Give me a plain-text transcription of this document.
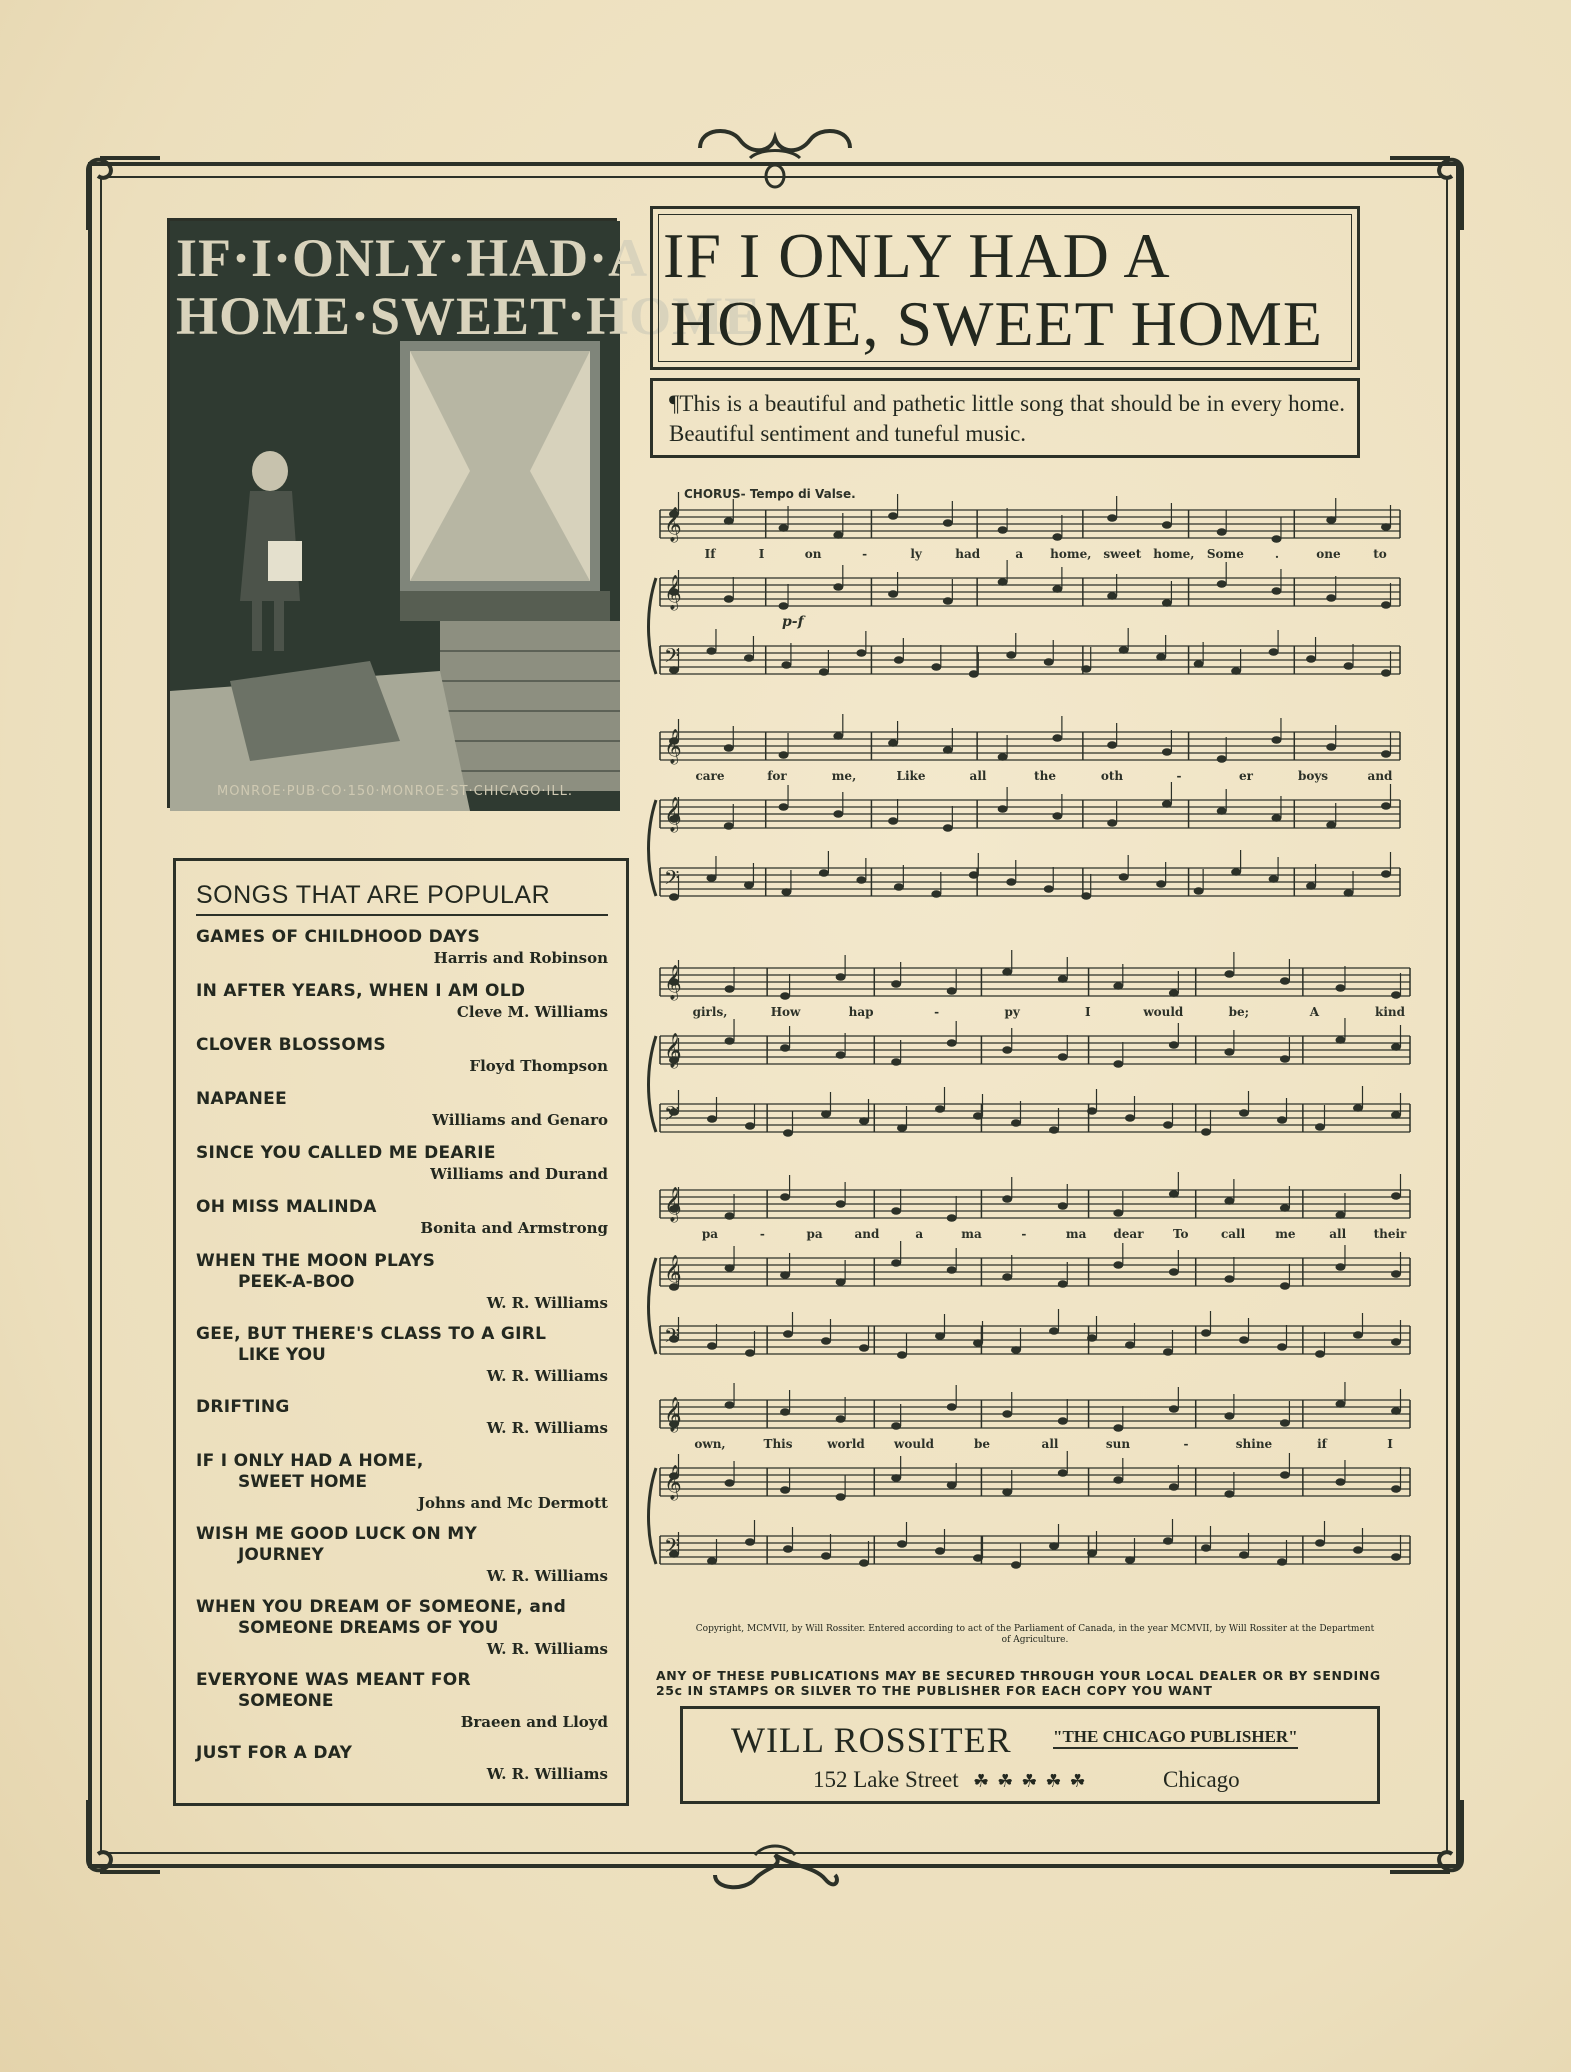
IF·I·ONLY·HAD·A HOME·SWEET·HOME
MONROE·PUB·CO·150·MONROE·ST·CHICAGO·ILL.
SONGS THAT ARE POPULAR
GAMES OF CHILDHOOD DAYS
Harris and Robinson
IN AFTER YEARS, WHEN I AM OLD
Cleve M. Williams
CLOVER BLOSSOMS
Floyd Thompson
NAPANEE
Williams and Genaro
SINCE YOU CALLED ME DEARIE
Williams and Durand
OH MISS MALINDA
Bonita and Armstrong
WHEN THE MOON PLAYS
PEEK-A-BOO
W. R. Williams
GEE, BUT THERE'S CLASS TO A GIRL
LIKE YOU
W. R. Williams
DRIFTING
W. R. Williams
IF I ONLY HAD A HOME,
SWEET HOME
Johns and Mc Dermott
WISH ME GOOD LUCK ON MY
JOURNEY
W. R. Williams
WHEN YOU DREAM OF SOMEONE, and
SOMEONE DREAMS OF YOU
W. R. Williams
EVERYONE WAS MEANT FOR
SOMEONE
Braeen and Lloyd
JUST FOR A DAY
W. R. Williams
IF I ONLY HAD A
HOME, SWEET HOME
¶This is a beautiful and pathetic little song that should be in every home. Beautiful sentiment and tuneful music.
CHORUS- Tempo di Valse.
𝄞
If	I	on	-	ly	had	a home, sweet home, Some	.	one	to
𝄞
𝄢
p-f
𝄞
care	for	me,	Like	all	the	oth	-	er	boys	and
𝄞
𝄢
𝄞
girls,	How	hap	-	py	I	would	be;	A	kind
𝄞
𝄢
𝄞
pa	-	pa	and	a	ma	-	ma dear To	call	me	all their
𝄞
𝄢
𝄞
own,	This	world would	be	all	sun	-	shine	if	I
𝄞
𝄢
Copyright, MCMVII, by Will Rossiter. Entered according to act of the Parliament of Canada, in the year MCMVII, by Will Rossiter at the Department of Agriculture.
ANY OF THESE PUBLICATIONS MAY BE SECURED THROUGH YOUR LOCAL DEALER OR BY SENDING 25c IN STAMPS OR SILVER TO THE PUBLISHER FOR EACH COPY YOU WANT
WILL ROSSITER "THE CHICAGO PUBLISHER"
152 Lake Street ☘☘☘☘☘	Chicago
